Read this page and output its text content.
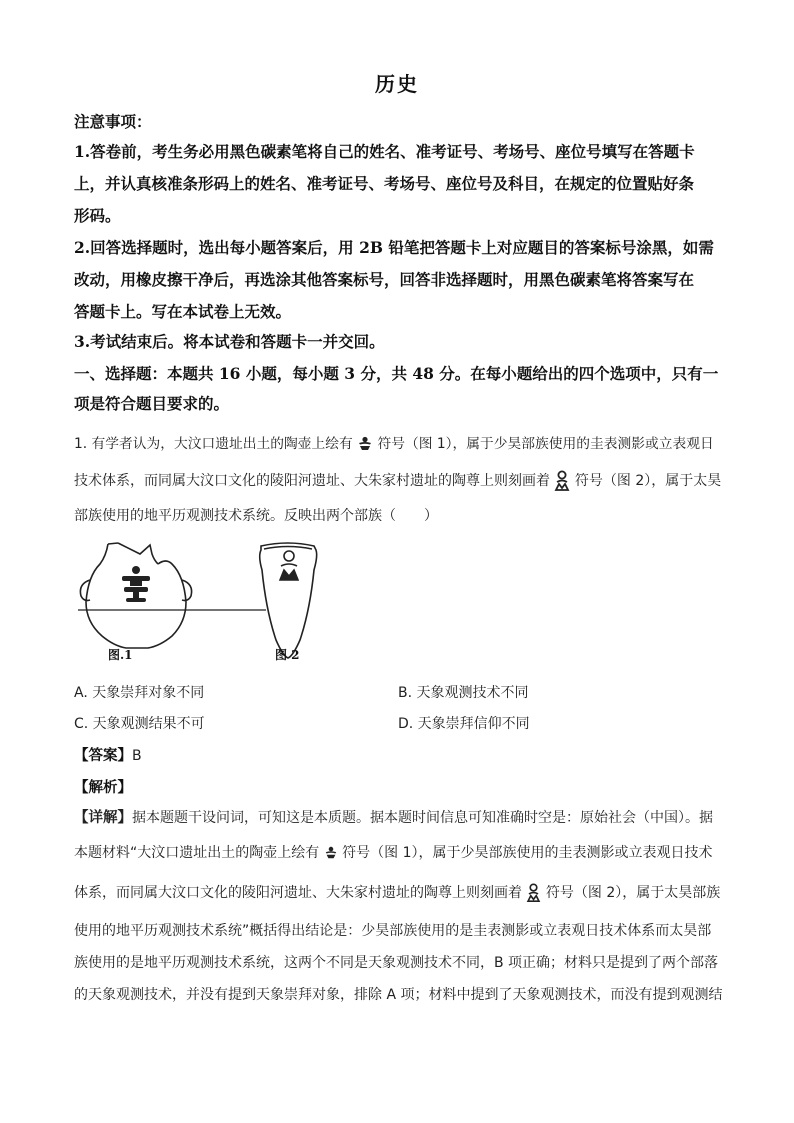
历史
注意事项：
1.答卷前，考生务必用黑色碳素笔将自己的姓名、准考证号、考场号、座位号填写在答题卡
上，并认真核准条形码上的姓名、准考证号、考场号、座位号及科目，在规定的位置贴好条
形码。
2.回答选择题时，选出每小题答案后，用 2B 铅笔把答题卡上对应题目的答案标号涂黑，如需
改动，用橡皮擦干净后，再选涂其他答案标号，回答非选择题时，用黑色碳素笔将答案写在
答题卡上。写在本试卷上无效。
3.考试结束后。将本试卷和答题卡一并交回。
一、选择题：本题共 16 小题，每小题 3 分，共 48 分。在每小题给出的四个选项中，只有一
项是符合题目要求的。
1. 有学者认为，大汶口遗址出土的陶壶上绘有 符号（图 1），属于少昊部族使用的圭表测影或立表观日
技术体系，而同属大汶口文化的陵阳河遗址、大朱家村遗址的陶尊上则刻画着 符号（图 2），属于太昊
部族使用的地平历观测技术系统。反映出两个部族（　　）
图.1	图 2
A. 天象崇拜对象不同	B. 天象观测技术不同
C. 天象观测结果不可	D. 天象崇拜信仰不同
【答案】B
【解析】
【详解】据本题题干设问词，可知这是本质题。据本题时间信息可知准确时空是：原始社会（中国）。据
本题材料“大汶口遗址出土的陶壶上绘有 符号（图 1），属于少昊部族使用的圭表测影或立表观日技术
体系，而同属大汶口文化的陵阳河遗址、大朱家村遗址的陶尊上则刻画着 符号（图 2），属于太昊部族
使用的地平历观测技术系统”概括得出结论是：少昊部族使用的是圭表测影或立表观日技术体系而太昊部
族使用的是地平历观测技术系统，这两个不同是天象观测技术不同，B 项正确；材料只是提到了两个部落
的天象观测技术，并没有提到天象崇拜对象，排除 A 项；材料中提到了天象观测技术，而没有提到观测结
